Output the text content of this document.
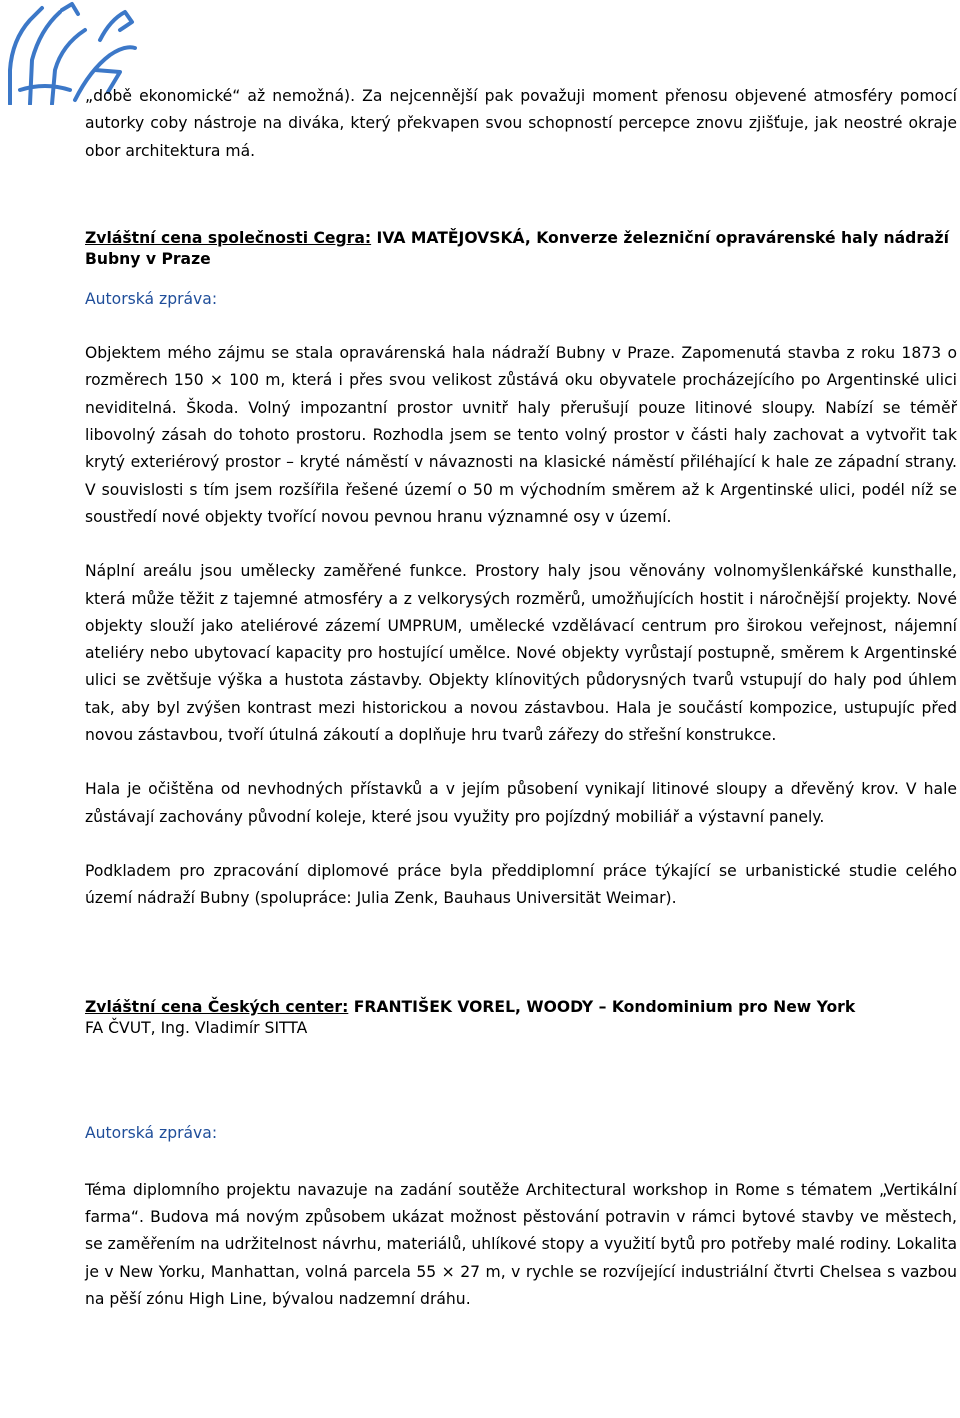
„době ekonomické“ až nemožná). Za nejcennější pak považuji moment přenosu objevené atmosféry pomocí autorky coby nástroje na diváka, který překvapen svou schopností percepce znovu zjišťuje, jak neostré okraje obor architektura má.

Zvláštní cena společnosti Cegra: IVA MATĚJOVSKÁ, Konverze železniční opravárenské haly nádraží Bubny v Praze
Autorská zpráva:

Objektem mého zájmu se stala opravárenská hala nádraží Bubny v Praze. Zapomenutá stavba z roku 1873 o rozměrech 150 × 100 m, která i přes svou velikost zůstává oku obyvatele procházejícího po Argentinské ulici neviditelná. Škoda. Volný impozantní prostor uvnitř haly přerušují pouze litinové sloupy. Nabízí se téměř libovolný zásah do tohoto prostoru. Rozhodla jsem se tento volný prostor v části haly zachovat a vytvořit tak krytý exteriérový prostor – kryté náměstí v návaznosti na klasické náměstí přiléhající k hale ze západní strany. V souvislosti s tím jsem rozšířila řešené území o 50 m východním směrem až k Argentinské ulici, podél níž se soustředí nové objekty tvořící novou pevnou hranu významné osy v území.

Náplní areálu jsou umělecky zaměřené funkce. Prostory haly jsou věnovány volnomyšlenkářské kunsthalle, která může těžit z tajemné atmosféry a z velkorysých rozměrů, umožňujících hostit i náročnější projekty. Nové objekty slouží jako ateliérové zázemí UMPRUM, umělecké vzdělávací centrum pro širokou veřejnost, nájemní ateliéry nebo ubytovací kapacity pro hostující umělce. Nové objekty vyrůstají postupně, směrem k Argentinské ulici se zvětšuje výška a hustota zástavby. Objekty klínovitých půdorysných tvarů vstupují do haly pod úhlem tak, aby byl zvýšen kontrast mezi historickou a novou zástavbou. Hala je součástí kompozice, ustupujíc před novou zástavbou, tvoří útulná zákoutí a doplňuje hru tvarů zářezy do střešní konstrukce.

Hala je očištěna od nevhodných přístavků a v jejím působení vynikají litinové sloupy a dřevěný krov. V hale zůstávají zachovány původní koleje, které jsou využity pro pojízdný mobiliář a výstavní panely.

Podkladem pro zpracování diplomové práce byla předdiplomní práce týkající se urbanistické studie celého území nádraží Bubny (spolupráce: Julia Zenk, Bauhaus Universität Weimar).

Zvláštní cena Českých center: FRANTIŠEK VOREL, WOODY – Kondominium pro New York
FA ČVUT, Ing. Vladimír SITTA
Autorská zpráva:

Téma diplomního projektu navazuje na zadání soutěže Architectural workshop in Rome s tématem „Vertikální farma“. Budova má novým způsobem ukázat možnost pěstování potravin v rámci bytové stavby ve městech, se zaměřením na udržitelnost návrhu, materiálů, uhlíkové stopy a využití bytů pro potřeby malé rodiny. Lokalita je v New Yorku, Manhattan, volná parcela 55 × 27 m, v rychle se rozvíjející industriální čtvrti Chelsea s vazbou na pěší zónu High Line, bývalou nadzemní dráhu.
